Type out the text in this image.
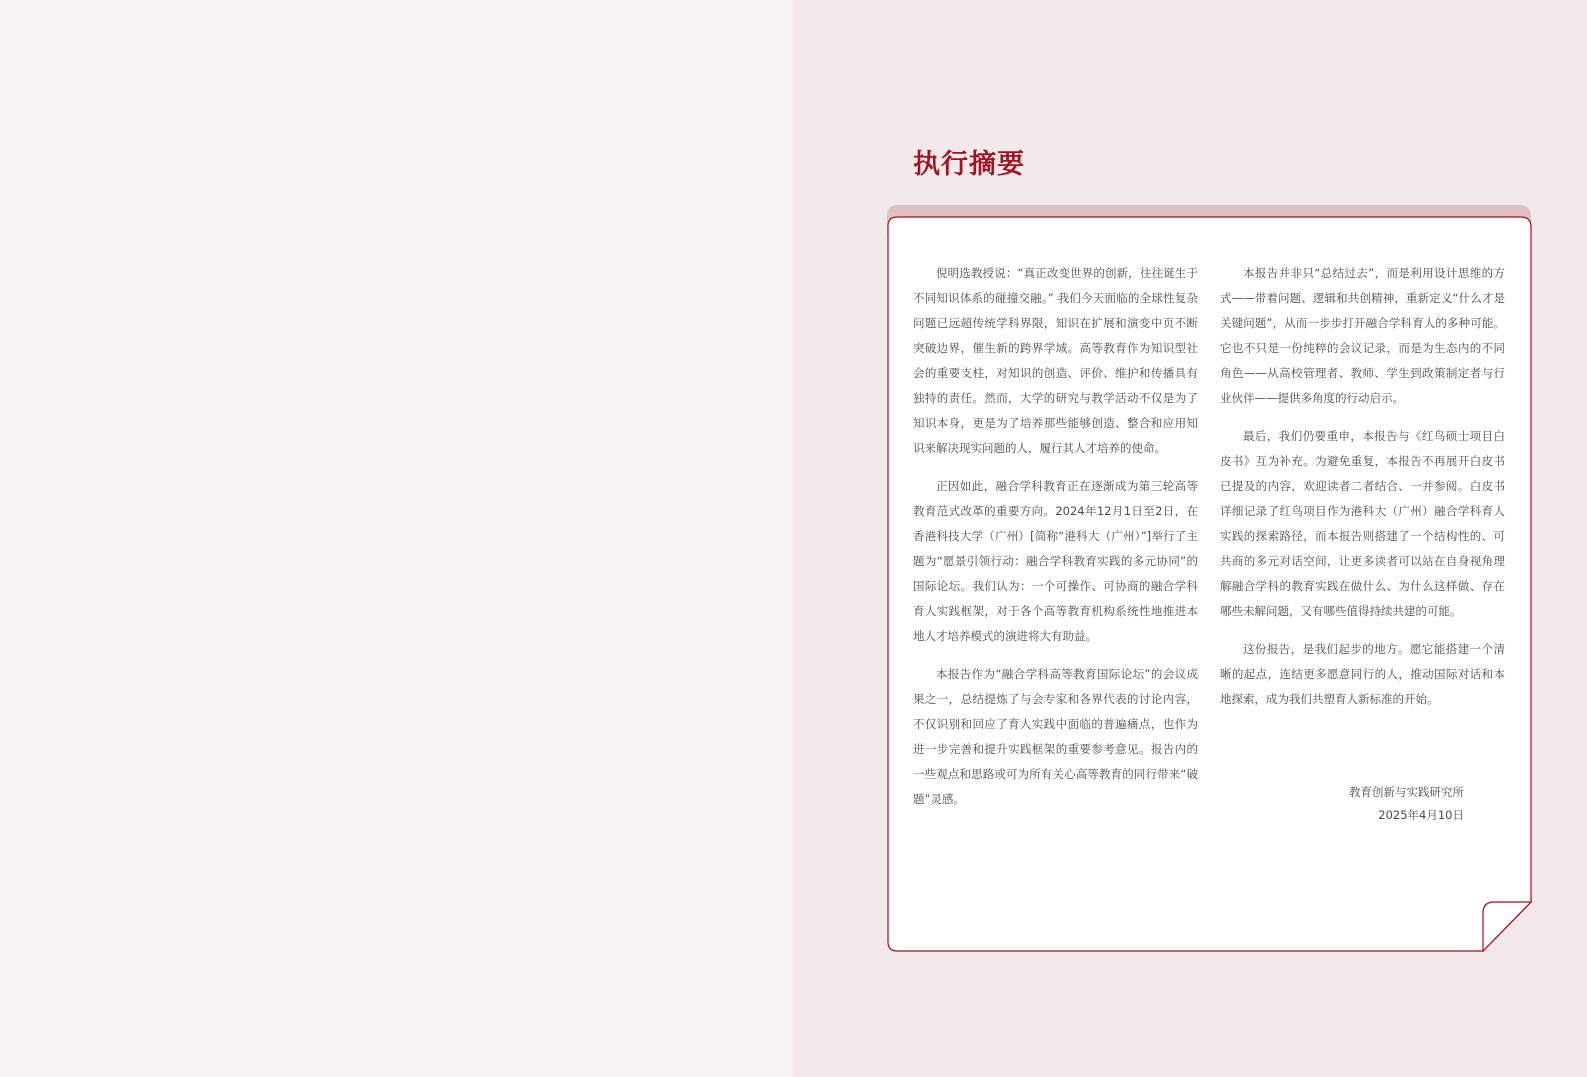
执行摘要

倪明选教授说：“真正改变世界的创新，往往诞生于不同知识体系的碰撞交融。” 我们今天面临的全球性复杂问题已远超传统学科界限，知识在扩展和演变中页不断突破边界，催生新的跨界学域。高等教育作为知识型社会的重要支柱，对知识的创造、评价、维护和传播具有独特的责任。然而，大学的研究与教学活动不仅是为了知识本身，更是为了培养那些能够创造、整合和应用知识来解决现实问题的人，履行其人才培养的使命。

正因如此，融合学科教育正在逐渐成为第三轮高等教育范式改革的重要方向。2024年12月1日至2日，在香港科技大学（广州）[简称“港科大（广州）”]举行了主题为“愿景引领行动：融合学科教育实践的多元协同”的国际论坛。我们认为：一个可操作、可协商的融合学科育人实践框架，对于各个高等教育机构系统性地推进本地人才培养模式的演进将大有助益。

本报告作为“融合学科高等教育国际论坛”的会议成果之一，总结提炼了与会专家和各界代表的讨论内容，不仅识别和回应了育人实践中面临的普遍痛点，也作为进一步完善和提升实践框架的重要参考意见。报告内的一些观点和思路或可为所有关心高等教育的同行带来“破题”灵感。

本报告并非只“总结过去”，而是利用设计思维的方式——带着问题、逻辑和共创精神，重新定义“什么才是关键问题”，从而一步步打开融合学科育人的多种可能。它也不只是一份纯粹的会议记录，而是为生态内的不同角色——从高校管理者、教师、学生到政策制定者与行业伙伴——提供多角度的行动启示。

最后，我们仍要重申，本报告与《红鸟硕士项目白皮书》互为补充。为避免重复，本报告不再展开白皮书已提及的内容，欢迎读者二者结合、一并参阅。白皮书详细记录了红鸟项目作为港科大（广州）融合学科育人实践的探索路径，而本报告则搭建了一个结构性的、可共商的多元对话空间，让更多读者可以站在自身视角理解融合学科的教育实践在做什么、为什么这样做、存在哪些未解问题，又有哪些值得持续共建的可能。

这份报告，是我们起步的地方。愿它能搭建一个清晰的起点，连结更多愿意同行的人，推动国际对话和本地探索，成为我们共塑育人新标准的开始。

教育创新与实践研究所
2025年4月10日
